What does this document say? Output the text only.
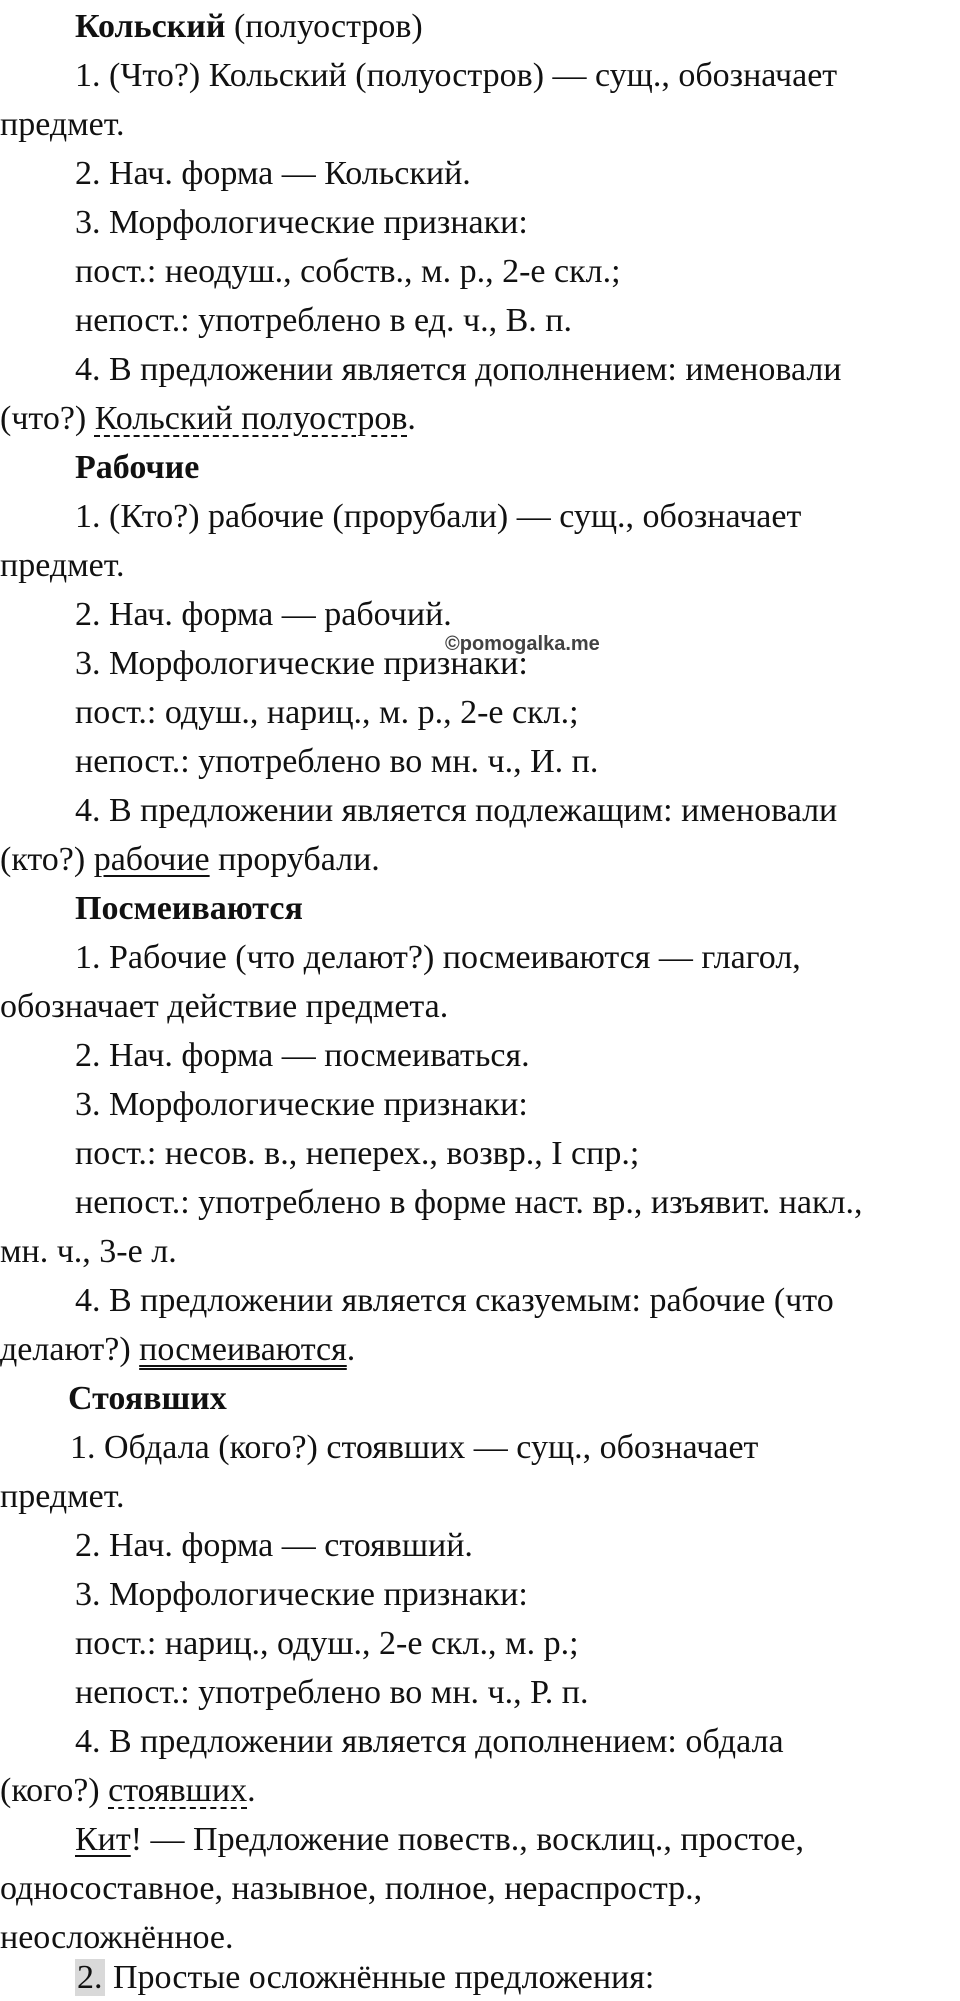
©pomogalka.me
Кольский (полуостров)
1. (Что?) Кольский (полуостров) — сущ., обозначает
предмет.
2. Нач. форма — Кольский.
3. Морфологические признаки:
пост.: неодуш., собств., м. р., 2-е скл.;
непост.: употреблено в ед. ч., В. п.
4. В предложении является дополнением: именовали
(что?) Кольский полуостров.
Рабочие
1. (Кто?) рабочие (прорубали) — сущ., обозначает
предмет.
2. Нач. форма — рабочий.
3. Морфологические признаки:
пост.: одуш., нариц., м. р., 2-е скл.;
непост.: употреблено во мн. ч., И. п.
4. В предложении является подлежащим: именовали
(кто?) рабочие прорубали.
Посмеиваются
1. Рабочие (что делают?) посмеиваются — глагол,
обозначает действие предмета.
2. Нач. форма — посмеиваться.
3. Морфологические признаки:
пост.: несов. в., неперех., возвр., I спр.;
непост.: употреблено в форме наст. вр., изъявит. накл.,
мн. ч., 3-е л.
4. В предложении является сказуемым: рабочие (что
делают?) посмеиваются.
Стоявших
1. Обдала (кого?) стоявших — сущ., обозначает
предмет.
2. Нач. форма — стоявший.
3. Морфологические признаки:
пост.: нариц., одуш., 2-е скл., м. р.;
непост.: употреблено во мн. ч., Р. п.
4. В предложении является дополнением: обдала
(кого?) стоявших.
Кит! — Предложение повеств., восклиц., простое,
односоставное, назывное, полное, нераспростр.,
неосложнённое.
2. Простые осложнённые предложения:
